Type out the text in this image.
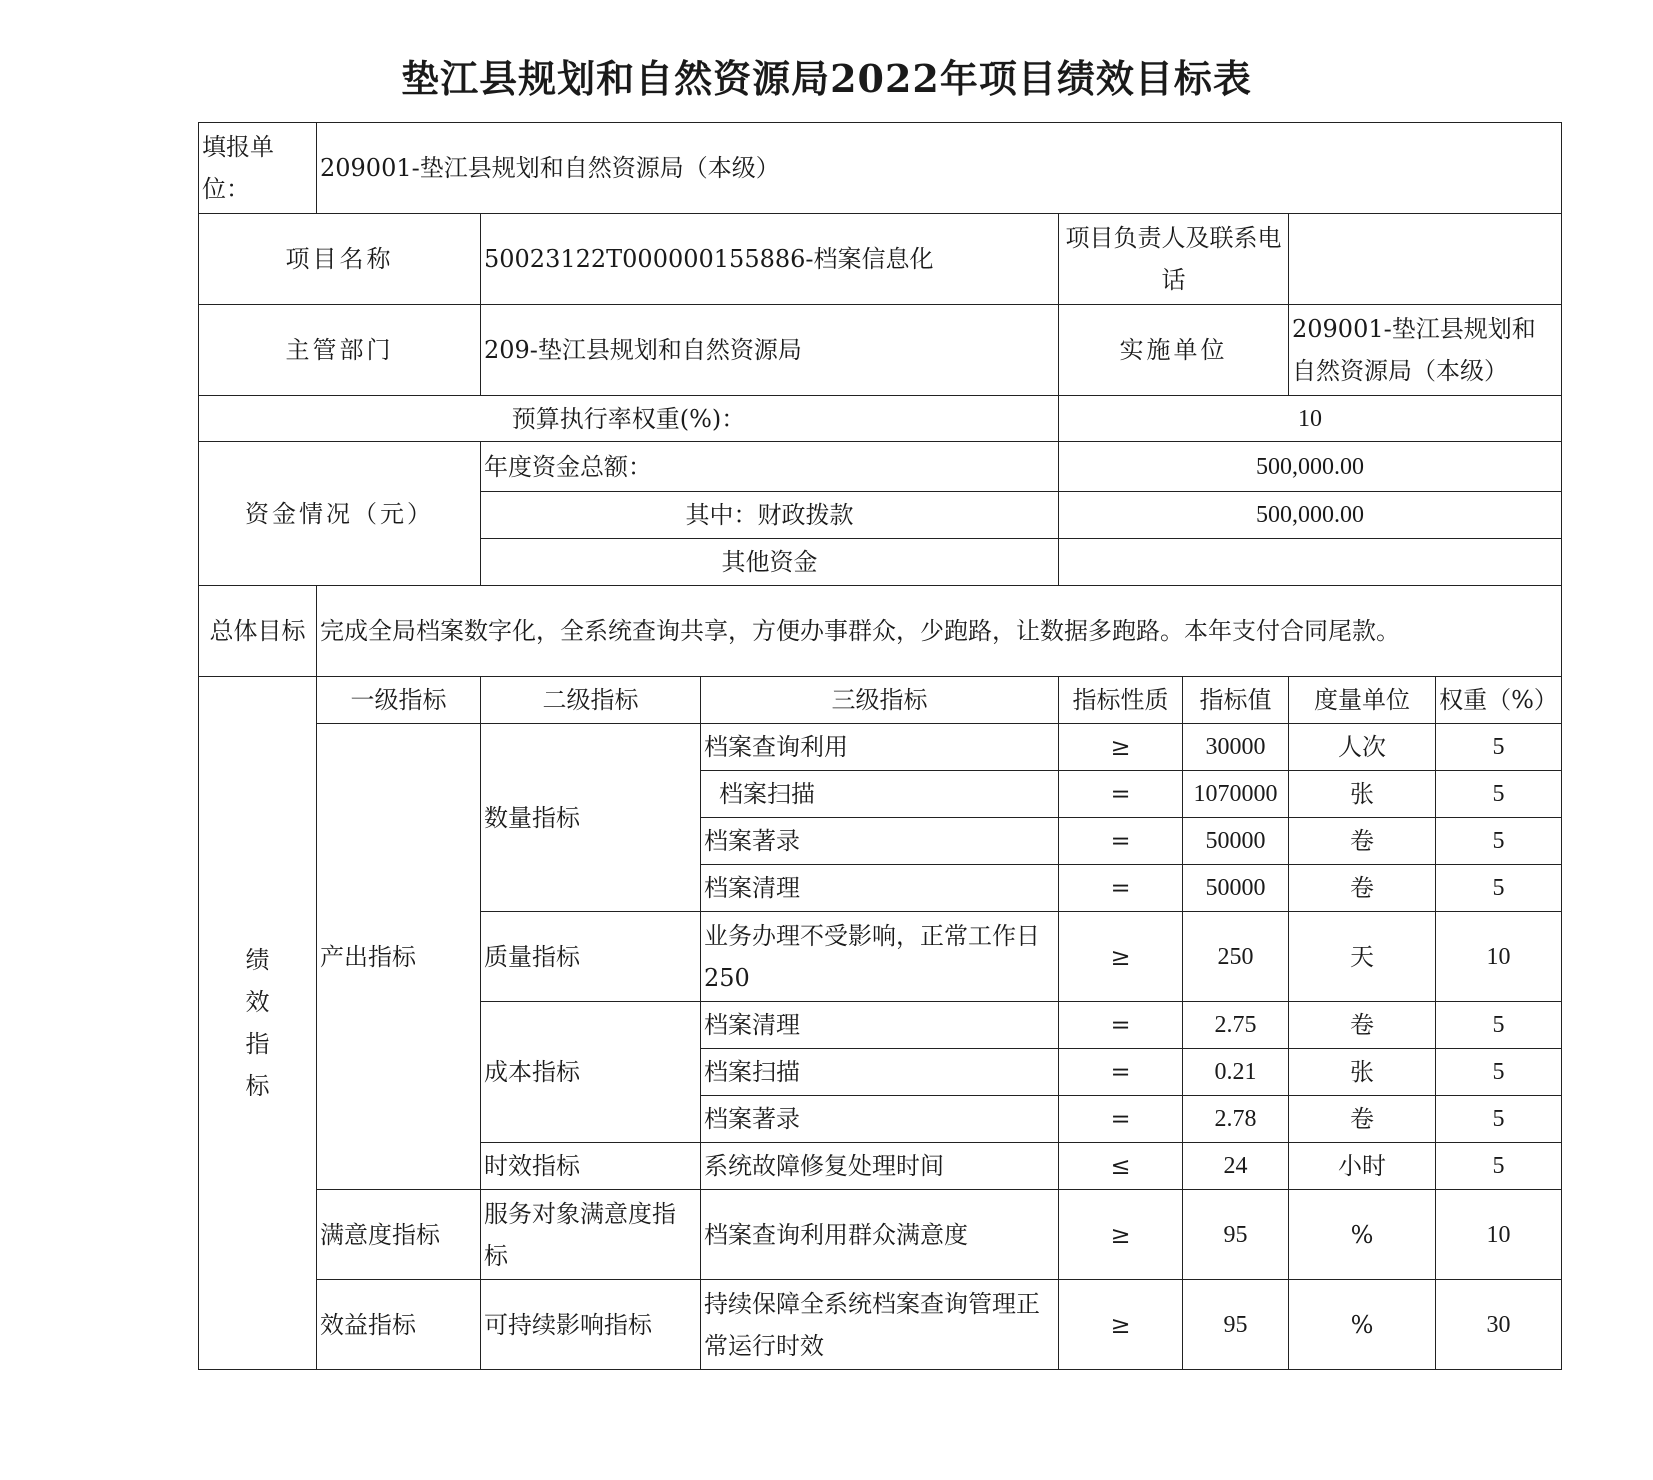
垫江县规划和自然资源局2022年项目绩效目标表
填报单位：	209001-垫江县规划和自然资源局（本级）						
项目名称		50023122T000000155886-档案信息化		项目负责人及联系电话			
主管部门		209-垫江县规划和自然资源局		实施单位		209001-垫江县规划和自然资源局（本级）	
预算执行率权重(%)：				10			
资金情况（元）		年度资金总额：		500,000.00			
		其中：财政拨款		500,000.00			
		其他资金					
总体目标	完成全局档案数字化，全系统查询共享，方便办事群众，少跑路，让数据多跑路。本年支付合同尾款。						

绩效指标	一级指标	二级指标	三级指标	指标性质	指标值	度量单位	权重（%）
	产出指标	数量指标	档案查询利用	≥	30000	人次	5
			档案扫描	=	1070000	张	5
			档案著录	=	50000	卷	5
			档案清理	=	50000	卷	5
		质量指标	业务办理不受影响，正常工作日250	≥	250	天	10
		成本指标	档案清理	=	2.75	卷	5
			档案扫描	=	0.21	张	5
			档案著录	=	2.78	卷	5
		时效指标	系统故障修复处理时间	≤	24	小时	5
	满意度指标	服务对象满意度指标	档案查询利用群众满意度	≥	95	%	10
	效益指标	可持续影响指标	持续保障全系统档案查询管理正常运行时效	≥	95	%	30
